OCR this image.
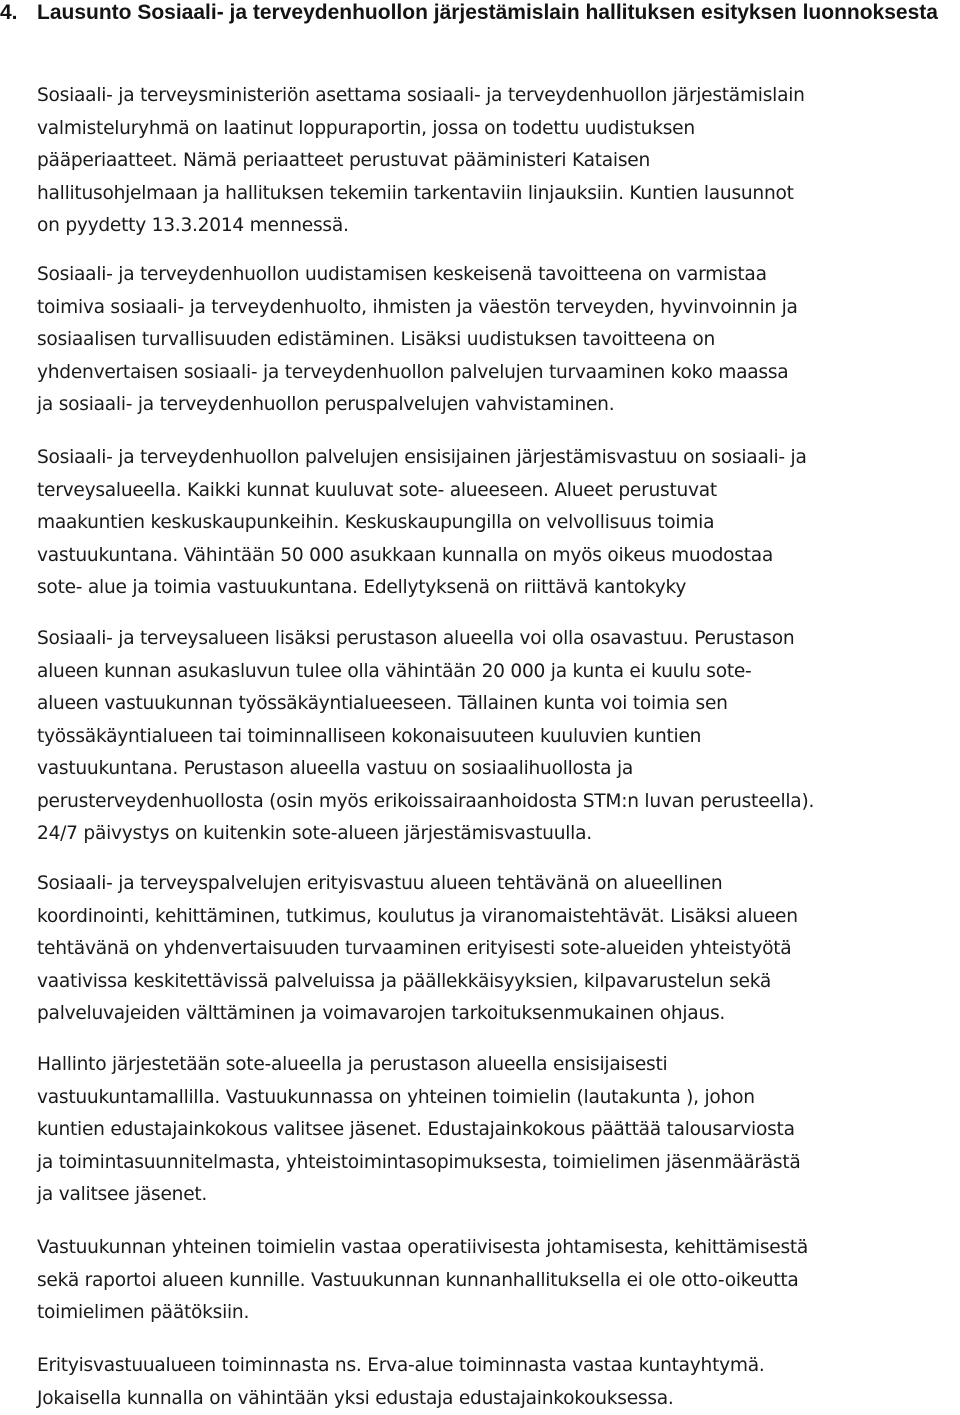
4. Lausunto Sosiaali- ja terveydenhuollon järjestämislain hallituksen esityksen luonnoksesta

Sosiaali- ja terveysministeriön asettama sosiaali- ja terveydenhuollon järjestämislain
valmisteluryhmä on laatinut loppuraportin, jossa on todettu uudistuksen
pääperiaatteet. Nämä periaatteet perustuvat pääministeri Kataisen
hallitusohjelmaan ja hallituksen tekemiin tarkentaviin linjauksiin. Kuntien lausunnot
on pyydetty 13.3.2014 mennessä.

Sosiaali- ja terveydenhuollon uudistamisen keskeisenä tavoitteena on varmistaa
toimiva sosiaali- ja terveydenhuolto, ihmisten ja väestön terveyden, hyvinvoinnin ja
sosiaalisen turvallisuuden edistäminen. Lisäksi uudistuksen tavoitteena on
yhdenvertaisen sosiaali- ja terveydenhuollon palvelujen turvaaminen koko maassa
ja sosiaali- ja terveydenhuollon peruspalvelujen vahvistaminen.

Sosiaali- ja terveydenhuollon palvelujen ensisijainen järjestämisvastuu on sosiaali- ja
terveysalueella. Kaikki kunnat kuuluvat sote- alueeseen. Alueet perustuvat
maakuntien keskuskaupunkeihin. Keskuskaupungilla on velvollisuus toimia
vastuukuntana. Vähintään 50 000 asukkaan kunnalla on myös oikeus muodostaa
sote- alue ja toimia vastuukuntana. Edellytyksenä on riittävä kantokyky

Sosiaali- ja terveysalueen lisäksi perustason alueella voi olla osavastuu. Perustason
alueen kunnan asukasluvun tulee olla vähintään 20 000 ja kunta ei kuulu sote-
alueen vastuukunnan työssäkäyntialueeseen. Tällainen kunta voi toimia sen
työssäkäyntialueen tai toiminnalliseen kokonaisuuteen kuuluvien kuntien
vastuukuntana. Perustason alueella vastuu on sosiaalihuollosta ja
perusterveydenhuollosta (osin myös erikoissairaanhoidosta STM:n luvan perusteella).
24/7 päivystys on kuitenkin sote-alueen järjestämisvastuulla.

Sosiaali- ja terveyspalvelujen erityisvastuu alueen tehtävänä on alueellinen
koordinointi, kehittäminen, tutkimus, koulutus ja viranomaistehtävät. Lisäksi alueen
tehtävänä on yhdenvertaisuuden turvaaminen erityisesti sote-alueiden yhteistyötä
vaativissa keskitettävissä palveluissa ja päällekkäisyyksien, kilpavarustelun sekä
palveluvajeiden välttäminen ja voimavarojen tarkoituksenmukainen ohjaus.

Hallinto järjestetään sote-alueella ja perustason alueella ensisijaisesti
vastuukuntamallilla. Vastuukunnassa on yhteinen toimielin (lautakunta ), johon
kuntien edustajainkokous valitsee jäsenet. Edustajainkokous päättää talousarviosta
ja toimintasuunnitelmasta, yhteistoimintasopimuksesta, toimielimen jäsenmäärästä
ja valitsee jäsenet.

Vastuukunnan yhteinen toimielin vastaa operatiivisesta johtamisesta, kehittämisestä
sekä raportoi alueen kunnille. Vastuukunnan kunnanhallituksella ei ole otto-oikeutta
toimielimen päätöksiin.

Erityisvastuualueen toiminnasta ns. Erva-alue toiminnasta vastaa kuntayhtymä.
Jokaisella kunnalla on vähintään yksi edustaja edustajainkokouksessa.
